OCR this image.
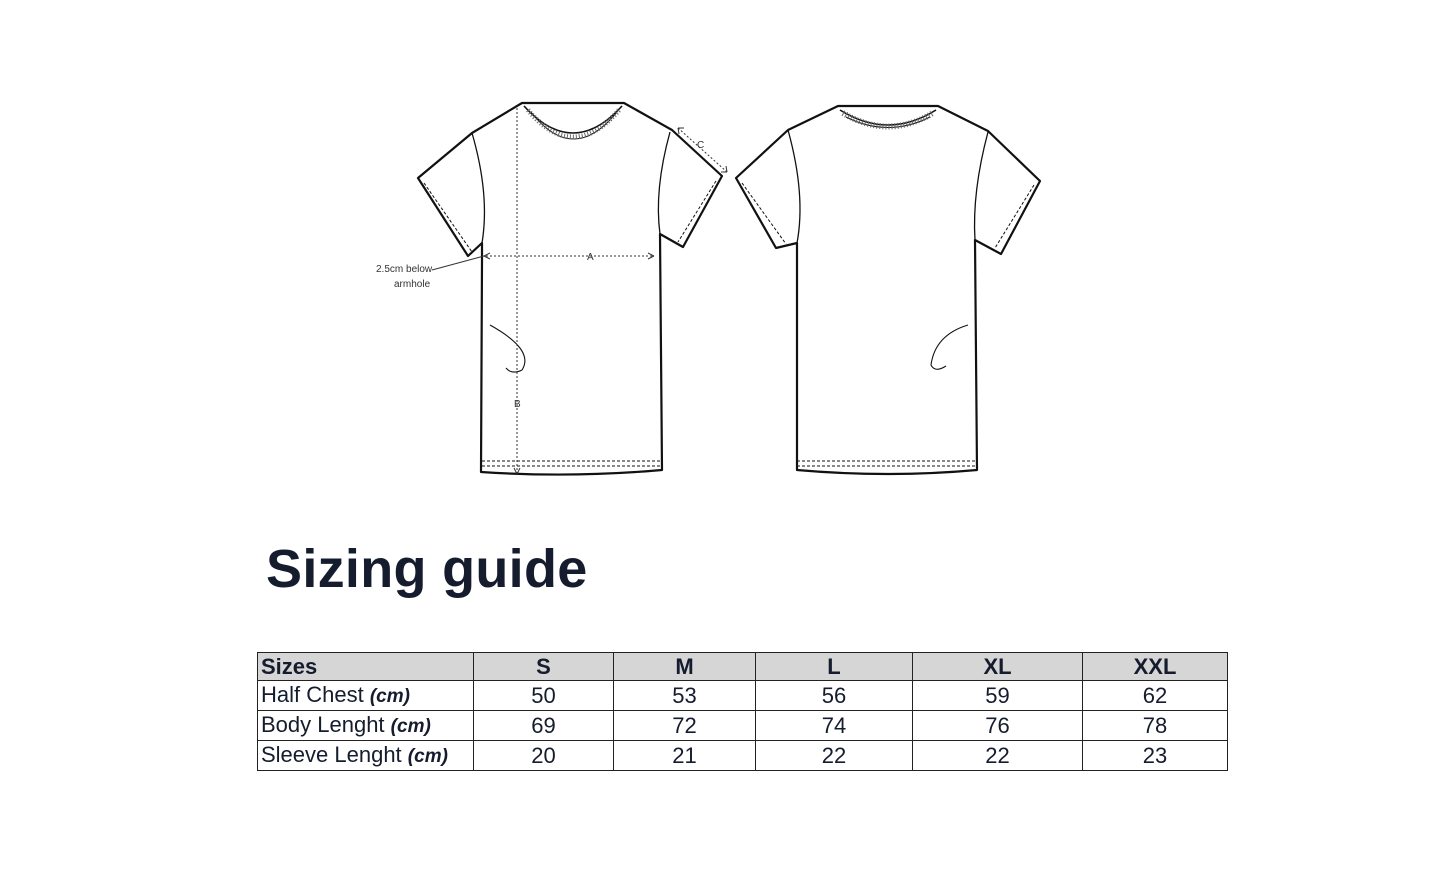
A
B
C
2.5cm below
armhole
Sizing guide
Sizes	S	M	L	XL	XXL
Half Chest (cm)	50	53	56	59	62
Body Lenght (cm)	69	72	74	76	78
Sleeve Lenght (cm)	20	21	22	22	23
